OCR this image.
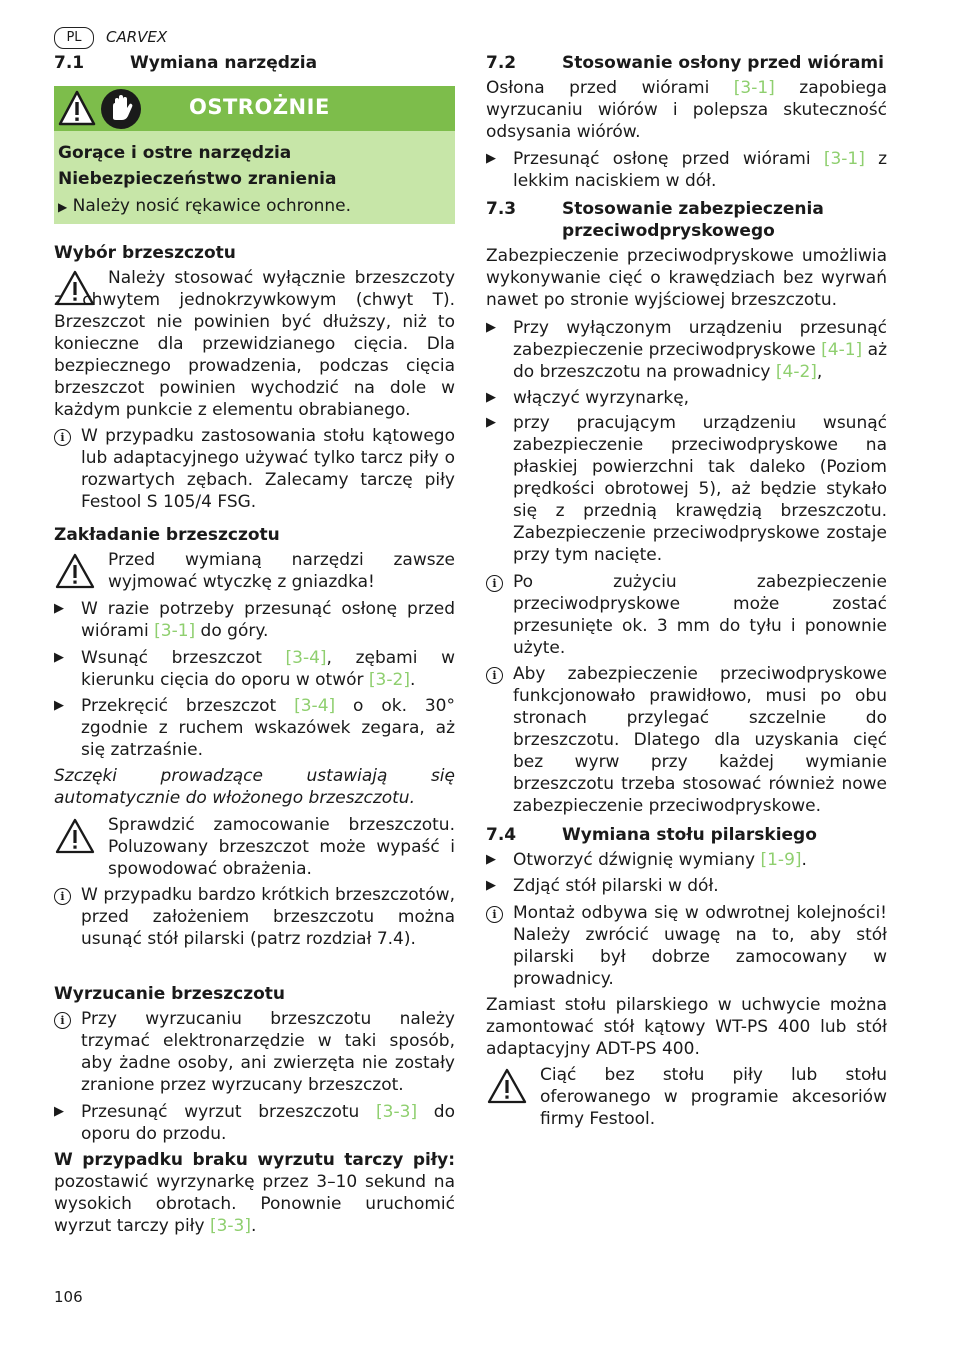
PL	CARVEX
7.1	Wymiana narzędzia
OSTROŻNIE
Gorące i ostre narzędzia
Niebezpieczeństwo zranienia
▶ Należy nosić rękawice ochronne.
Wybór brzeszczotu

Należy stosować wyłącznie brzeszczoty z chwytem jednokrzywkowym (chwyt T). Brzeszczot nie powinien być dłuższy, niż to konieczne dla przewidzianego cięcia. Dla bezpiecznego prowadzenia, podczas cięcia brzeszczot powinien wychodzić na dole w każdym punkcie z elementu obrabianego.

i W przypadku zastosowania stołu kątowego lub adaptacyjnego używać tylko tarcz piły o rozwartych zębach. Zalecamy tarczę piły Festool S 105/4 FSG.

Zakładanie brzeszczotu

Przed wymianą narzędzi zawsze wyjmować wtyczkę z gniazdka!

▶	W razie potrzeby przesunąć osłonę przed wiórami [3-1] do góry.

▶	Wsunąć brzeszczot [3-4], zębami w kierunku cięcia do oporu w otwór [3-2].

▶	Przekręcić brzeszczot [3-4] o ok. 30° zgodnie z ruchem wskazówek zegara, aż się zatrzaśnie.

Szczęki prowadzące ustawiają się automatycznie do włożonego brzeszczotu.

Sprawdzić zamocowanie brzeszczotu. Poluzowany brzeszczot może wypaść i spowodować obrażenia.

i W przypadku bardzo krótkich brzeszczotów, przed założeniem brzeszczotu można usunąć stół pilarski (patrz rozdział 7.4).

Wyrzucanie brzeszczotu
i Przy wyrzucaniu brzeszczotu należy trzymać elektronarzędzie w taki sposób, aby żadne osoby, ani zwierzęta nie zostały zranione przez wyrzucany brzeszczot.

▶	Przesunąć wyrzut brzeszczotu [3-3] do oporu do przodu.

W przypadku braku wyrzutu tarczy piły: pozostawić wyrzynarkę przez 3–10 sekund na wysokich obrotach. Ponownie uruchomić wyrzut tarczy piły [3-3].

7.2	Stosowanie osłony przed wiórami

Osłona przed wiórami [3-1] zapobiega wyrzucaniu wiórów i polepsza skuteczność odsysania wiórów.

▶	Przesunąć osłonę przed wiórami [3-1] z lekkim naciskiem w dół.

7.3	Stosowanie zabezpieczenia
przeciwodpryskowego

Zabezpieczenie przeciwodpryskowe umożliwia wykonywanie cięć o krawędziach bez wyrwań nawet po stronie wyjściowej brzeszczotu.

▶	Przy wyłączonym urządzeniu przesunąć zabezpieczenie przeciwodpryskowe [4-1] aż do brzeszczotu na prowadnicy [4-2],

▶	włączyć wyrzynarkę,

▶	przy pracującym urządzeniu wsunąć zabezpieczenie przeciwodpryskowe na płaskiej powierzchni tak daleko (Poziom prędkości obrotowej 5), aż będzie stykało się z przednią krawędzią brzeszczotu. Zabezpieczenie przeciwodpryskowe zostaje przy tym nacięte.

i Po zużyciu zabezpieczenie przeciwodpryskowe może zostać przesunięte ok. 3 mm do tyłu i ponownie użyte.

i Aby zabezpieczenie przeciwodpryskowe funkcjonowało prawidłowo, musi po obu stronach przylegać szczelnie do brzeszczotu. Dlatego dla uzyskania cięć bez wyrw przy każdej wymianie brzeszczotu trzeba stosować również nowe zabezpieczenie przeciwodpryskowe.

7.4	Wymiana stołu pilarskiego
▶	Otworzyć dźwignię wymiany [1-9].

▶	Zdjąć stół pilarski w dół.

i Montaż odbywa się w odwrotnej kolejności! Należy zwrócić uwagę na to, aby stół pilarski był dobrze zamocowany w prowadnicy.

Zamiast stołu pilarskiego w uchwycie można zamontować stół kątowy WT-PS 400 lub stół adaptacyjny ADT-PS 400.

Ciąć bez stołu piły lub stołu oferowanego w programie akcesoriów firmy Festool.

106
